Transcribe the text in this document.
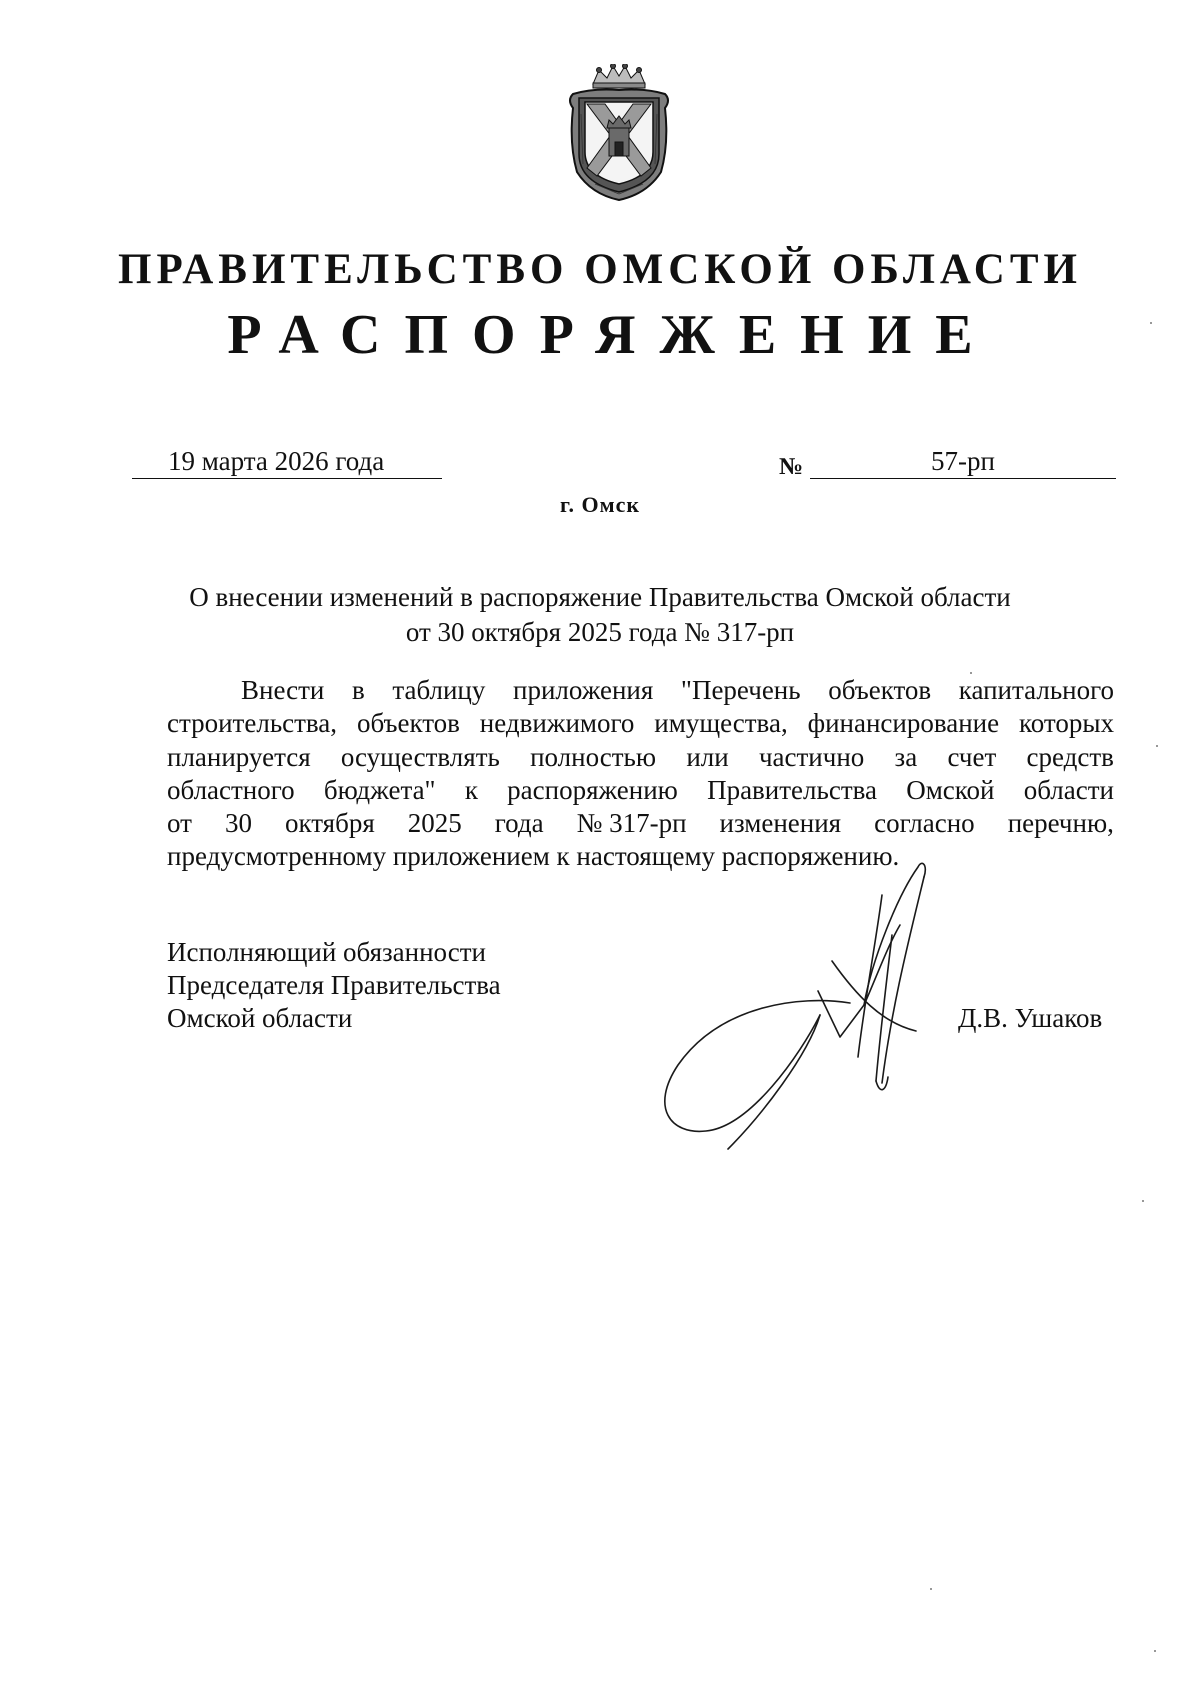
ПРАВИТЕЛЬСТВО ОМСКОЙ ОБЛАСТИ
РАСПОРЯЖЕНИЕ
19 марта 2026 года	№	57-рп
г. Омск
О внесении изменений в распоряжение Правительства Омской области
от 30 октября 2025 года № 317-рп
Внести в таблицу приложения "Перечень объектов капитального
строительства, объектов недвижимого имущества, финансирование которых
планируется осуществлять полностью или частично за счет средств
областного бюджета" к распоряжению Правительства Омской области
от 30 октября 2025 года № 317-рп изменения согласно перечню,
предусмотренному приложением к настоящему распоряжению.
Исполняющий обязанности
Председателя Правительства
Омской области	Д.В. Ушаков
